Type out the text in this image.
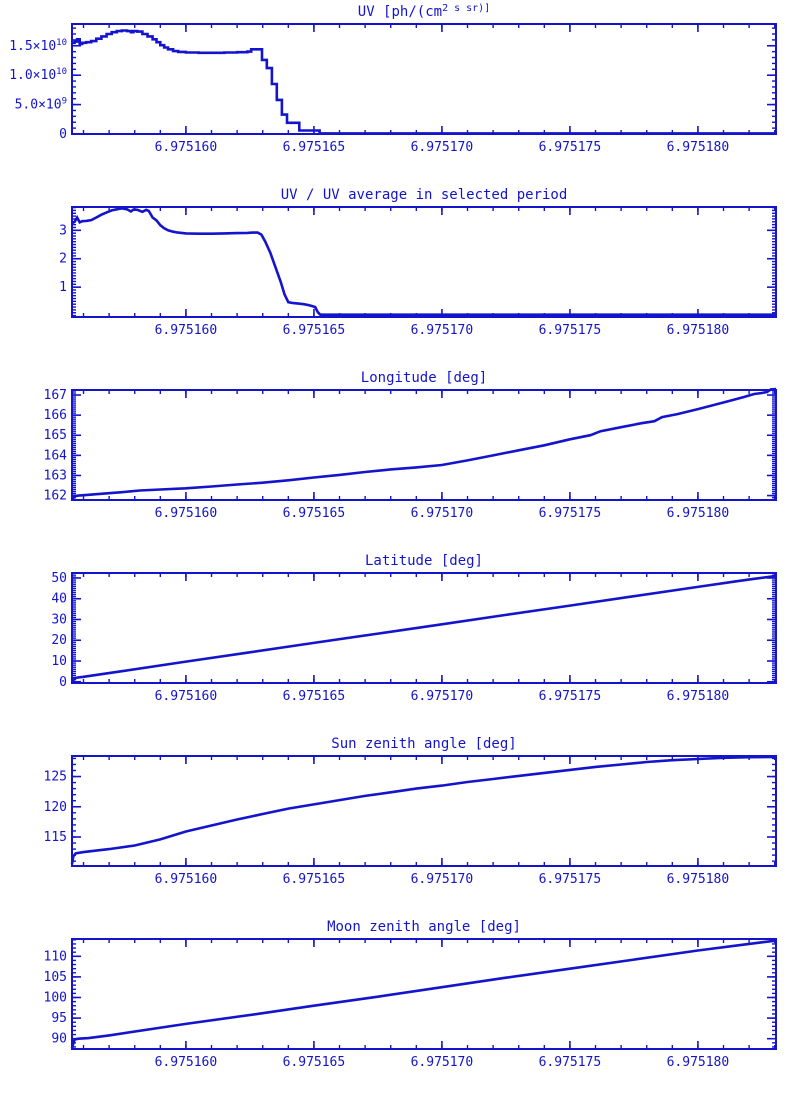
UV [$ph/(cm^{2 s sr)]}$
6.975160	6.975165	6.975170	6.975175	6.975180
0
$5.0\times 10^9$
$1.0\times 10^{10}$
$1.5\times 10^{10}$
UV / UV average in selected period
6.975160	6.975165	6.975170	6.975175	6.975180
1
2
3
Longitude [deg]
6.975160	6.975165	6.975170	6.975175	6.975180
162
163
164
165
166
167
Latitude [deg]
6.975160	6.975165	6.975170	6.975175	6.975180
0
10
20
30
40
50
Sun zenith angle [deg]
6.975160	6.975165	6.975170	6.975175	6.975180
115
120
125
Moon zenith angle [deg]
6.975160	6.975165	6.975170	6.975175	6.975180
90
95
100
105
110
